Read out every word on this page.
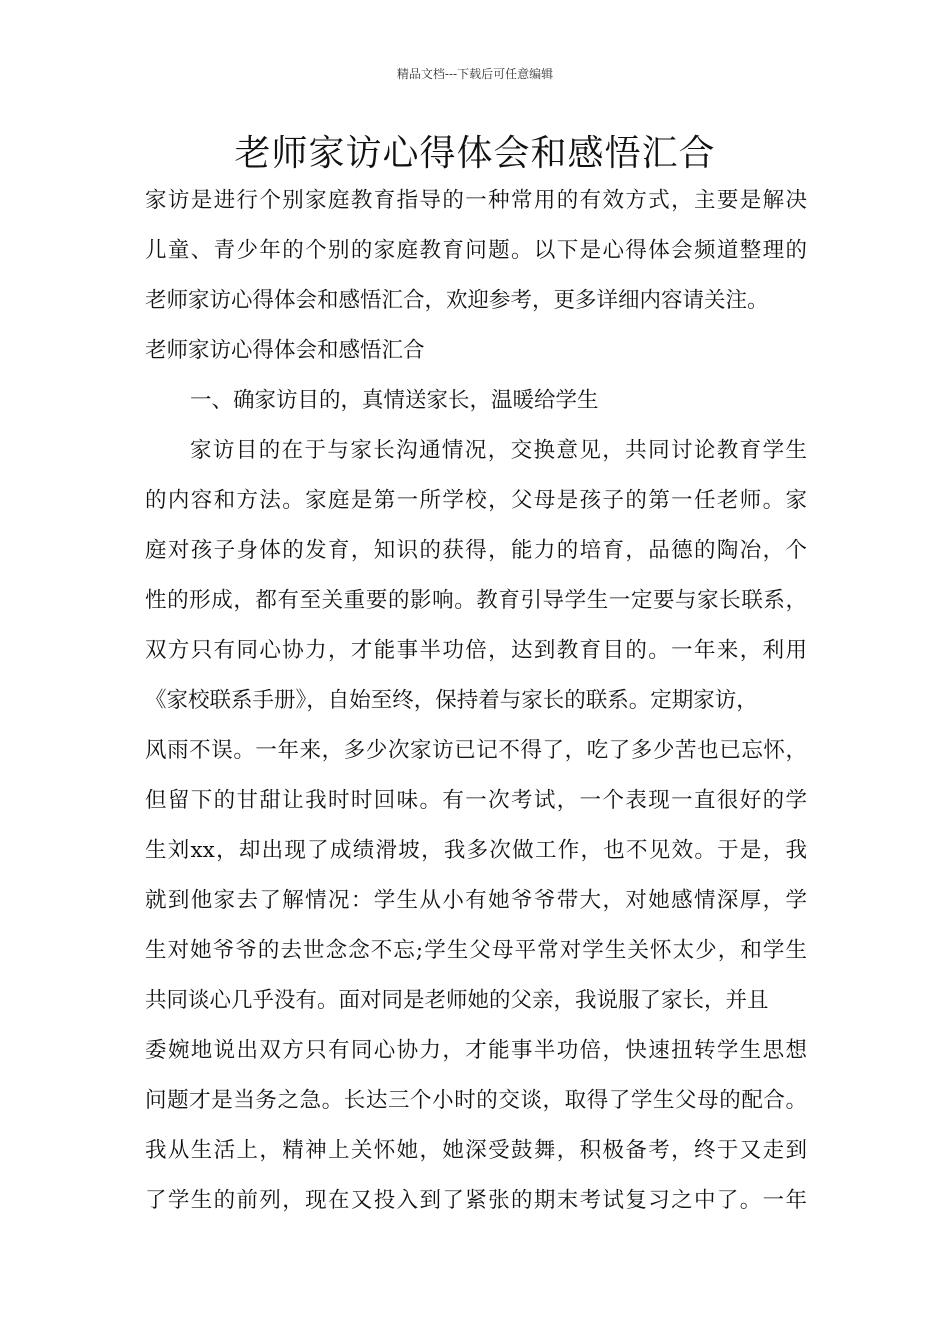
精品文档---下载后可任意编辑
老师家访心得体会和感悟汇合
家访是进行个别家庭教育指导的一种常用的有效方式，主要是解决
儿童、青少年的个别的家庭教育问题。以下是心得体会频道整理的
老师家访心得体会和感悟汇合，欢迎参考，更多详细内容请关注。
老师家访心得体会和感悟汇合
一、确家访目的，真情送家长，温暖给学生
家访目的在于与家长沟通情况，交换意见，共同讨论教育学生
的内容和方法。家庭是第一所学校，父母是孩子的第一任老师。家
庭对孩子身体的发育，知识的获得，能力的培育，品德的陶冶，个
性的形成，都有至关重要的影响。教育引导学生一定要与家长联系，
双方只有同心协力，才能事半功倍，达到教育目的。一年来，利用
《家校联系手册》，自始至终，保持着与家长的联系。定期家访，
风雨不误。一年来，多少次家访已记不得了，吃了多少苦也已忘怀，
但留下的甘甜让我时时回味。有一次考试，一个表现一直很好的学
生刘xx，却出现了成绩滑坡，我多次做工作，也不见效。于是，我
就到他家去了解情况：学生从小有她爷爷带大，对她感情深厚，学
生对她爷爷的去世念念不忘;学生父母平常对学生关怀太少，和学生
共同谈心几乎没有。面对同是老师她的父亲，我说服了家长，并且
委婉地说出双方只有同心协力，才能事半功倍，快速扭转学生思想
问题才是当务之急。长达三个小时的交谈，取得了学生父母的配合。
我从生活上，精神上关怀她，她深受鼓舞，积极备考，终于又走到
了学生的前列，现在又投入到了紧张的期末考试复习之中了。一年
